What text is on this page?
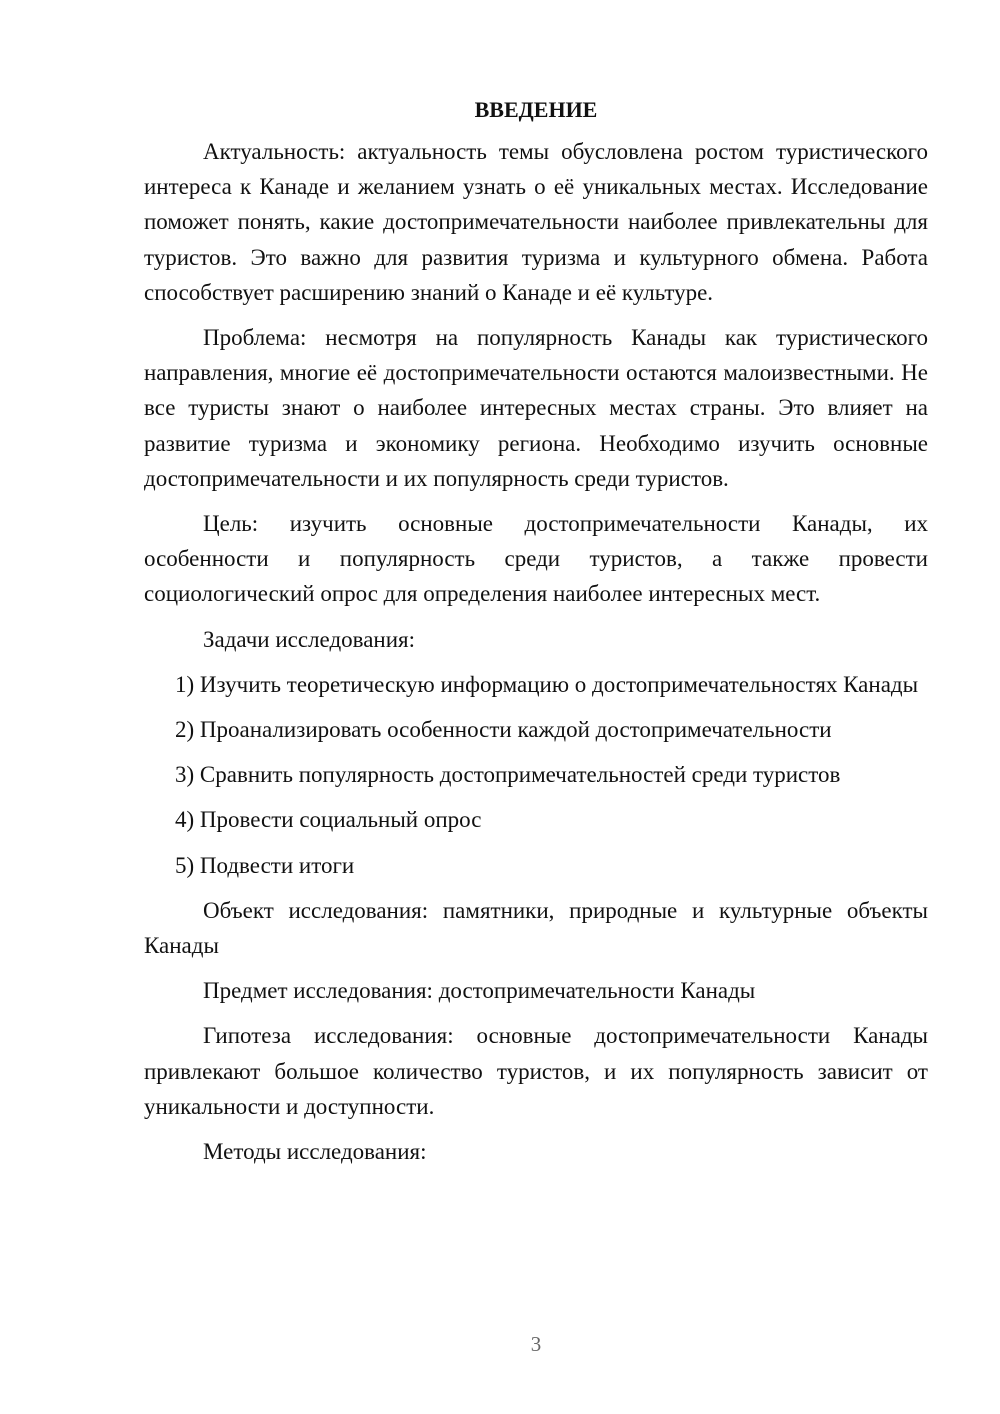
ВВЕДЕНИЕ

Актуальность: актуальность темы обусловлена ростом туристического интереса к Канаде и желанием узнать о её уникальных местах. Исследование поможет понять, какие достопримечательности наиболее привлекательны для туристов. Это важно для развития туризма и культурного обмена. Работа способствует расширению знаний о Канаде и её культуре.

Проблема: несмотря на популярность Канады как туристического направления, многие её достопримечательности остаются малоизвестными. Не все туристы знают о наиболее интересных местах страны. Это влияет на развитие туризма и экономику региона. Необходимо изучить основные достопримечательности и их популярность среди туристов.

Цель: изучить основные достопримечательности Канады, их особенности и популярность среди туристов, а также провести социологический опрос для определения наиболее интересных мест.

Задачи исследования:

1) Изучить теоретическую информацию о достопримечательностях Канады

2) Проанализировать особенности каждой достопримечательности

3) Сравнить популярность достопримечательностей среди туристов

4) Провести социальный опрос

5) Подвести итоги

Объект исследования: памятники, природные и культурные объекты Канады

Предмет исследования: достопримечательности Канады

Гипотеза исследования: основные достопримечательности Канады привлекают большое количество туристов, и их популярность зависит от уникальности и доступности.

Методы исследования:

3
